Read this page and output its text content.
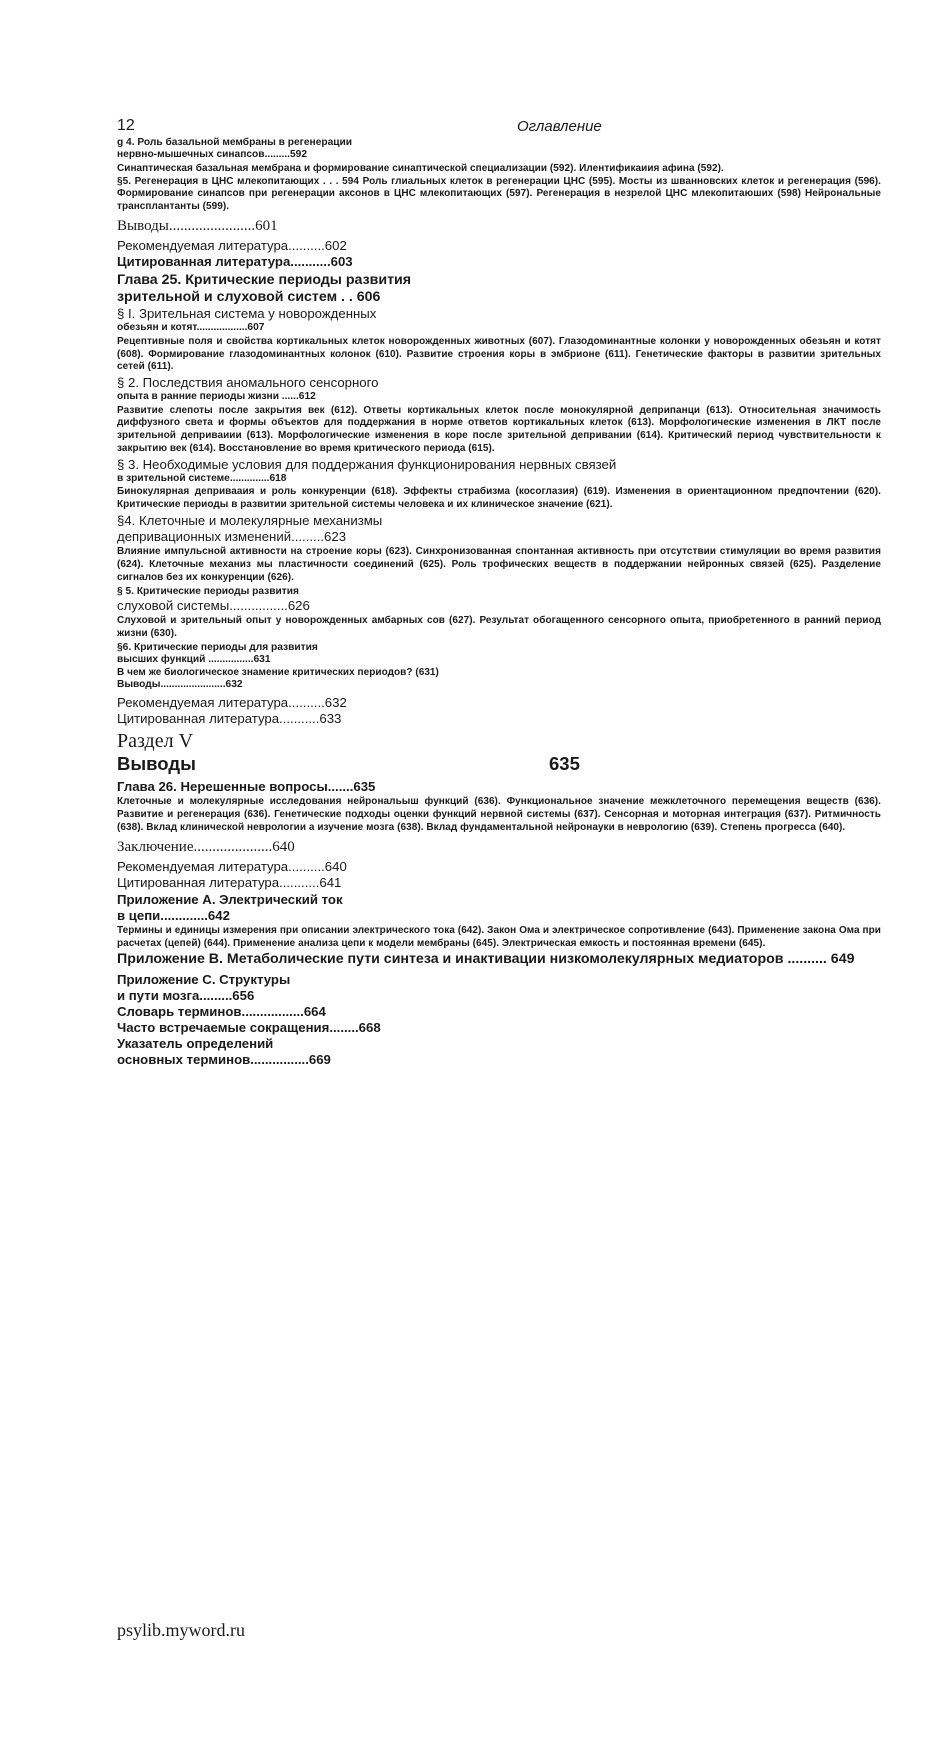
12	Оглавление

g 4. Роль базальной мембраны в регенерации

нервно-мышечных синапсов.........592

Синаптическая базальная мембрана и формирование синаптической специализации (592). Илентификаиия афина (592).

§5. Регенерация в ЦНС млекопитающих . . . 594 Роль глиальных клеток в регенерации ЦНС (595). Мосты из шванновских клеток и регенерация (596). Формирование синапсов при регенерации аксонов в ЦНС млекопитающих (597). Регенерация в незрелой ЦНС млекопитаюших (598) Нейрональные трансплантанты (599).

Выводы.......................601

Рекомендуемая литература..........602

Цитированная литература...........603

Глава 25. Критические периоды развития

зрительной и слуховой систем . . 606

§ I. Зрительная система у новорожденных

обезьян и котят..................607

Рецептивные поля и свойства кортикальных клеток новорожденных животных (607). Глазодоминантные колонки у новорожденных обезьян и котят (608). Формирование глазодоминантных колонок (610). Развитие строения коры в эмбрионе (611). Генетические факторы в развитии зрительных сетей (611).

§ 2. Последствия аномального сенсорного

опыта в ранние периоды жизни ......612

Развитие слепоты после закрытия век (612). Ответы кортикальных клеток после монокулярной деприпанци (613). Относительная значимость диффузного света и формы объектов для поддержания в норме ответов кортикальных клеток (613). Морфологические изменения в ЛКТ после зрительной деприваиии (613). Морфологические изменения в коре после зрительной депривании (614). Критический период чувствительности к закрытию век (614). Восстановление во время критического периода (615).

§ 3. Необходимые условия для поддержания функционирования нервных связей

в зрительной системе..............618

Бинокулярная депривааия и роль конкуренции (618). Эффекты страбизма (косоглазия) (619). Изменения в ориентационном предпочтении (620). Критические периоды в развитии зрительной системы человека и их клиническое значение (621).

§4. Клеточные и молекулярные механизмы

депривационных изменений.........623

Влияние импульсной активности на строение коры (623). Синхронизованная спонтанная активность при отсутствии стимуляции во время развития (624). Клеточные механиз мы пластичности соединений (625). Роль трофических веществ в поддержании нейронных связей (625). Разделение сигналов без их конкуренции (626).

§ 5. Критические периоды развития

слуховой системы................626

Слуховой и зрительный опыт у новорожденных амбарных сов (627). Результат обогащенного сенсорного опыта, приобретенного в ранний период жизни (630).

§6. Критические периоды для развития

высших функций ................631

В чем же биологическое знамение критических периодов? (631)

Выводы.......................632

Рекомендуемая литература..........632

Цитированная литература...........633

Раздел V

Выводы	635

Глава 26. Нерешенные вопросы.......635

Клеточные и молекулярные исследования нейрональыш функций (636). Функциональное значение межклеточного перемещения веществ (636). Развитие и регенерация (636). Генетические подходы оценки функций нервной системы (637). Сенсорная и моторная интеграция (637). Ритмичность (638). Вклад клинической неврологии а изучение мозга (638). Вклад фундаментальной нейронауки в неврологию (639). Степень прогресса (640).

Заключение.....................640

Рекомендуемая литература..........640

Цитированная литература...........641

Приложение А. Электрический ток

в цепи.............642

Термины и единицы измерения при описании электрического тока (642). Закон Ома и электрическое сопротивление (643). Применение закона Ома при расчетах (цепей) (644). Применение анализа цепи к модели мембраны (645). Электрическая емкость и постоянная времени (645).

Приложение В. Метаболические пути синтеза и инактивации низкомолекулярных медиаторов .......... 649

Приложение С. Структуры

и пути мозга.........656

Словарь терминов.................664

Часто встречаемые сокращения........668

Указатель определений

основных терминов................669

psylib.myword.ru
